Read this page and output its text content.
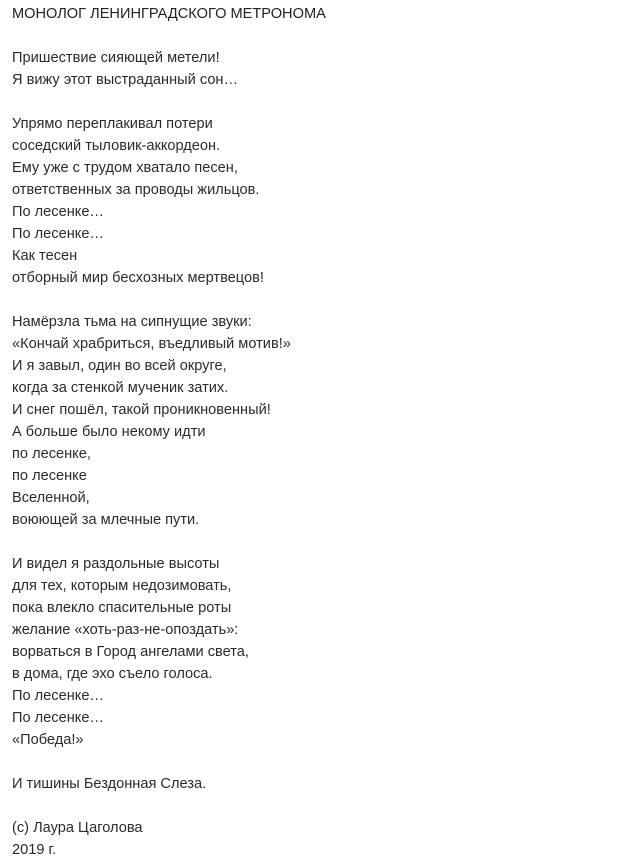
МОНОЛОГ ЛЕНИНГРАДСКОГО МЕТРОНОМА
Пришествие сияющей метели!
Я вижу этот выстраданный сон…
Упрямо переплакивал потери
соседский тыловик-аккордеон.
Ему уже с трудом хватало песен,
ответственных за проводы жильцов.
По лесенке…
По лесенке…
Как тесен
отборный мир бесхозных мертвецов!
Намёрзла тьма на сипнущие звуки:
«Кончай храбриться, въедливый мотив!»
И я завыл, один во всей округе,
когда за стенкой мученик затих.
И снег пошёл, такой проникновенный!
А больше было некому идти
по лесенке,
по лесенке
Вселенной,
воюющей за млечные пути.
И видел я раздольные высоты
для тех, которым недозимовать,
пока влекло спасительные роты
желание «хоть-раз-не-опоздать»:
ворваться в Город ангелами света,
в дома, где эхо съело голоса.
По лесенке…
По лесенке…
«Победа!»
И тишины Бездонная Слеза.
(с) Лаура Цаголова
2019 г.
